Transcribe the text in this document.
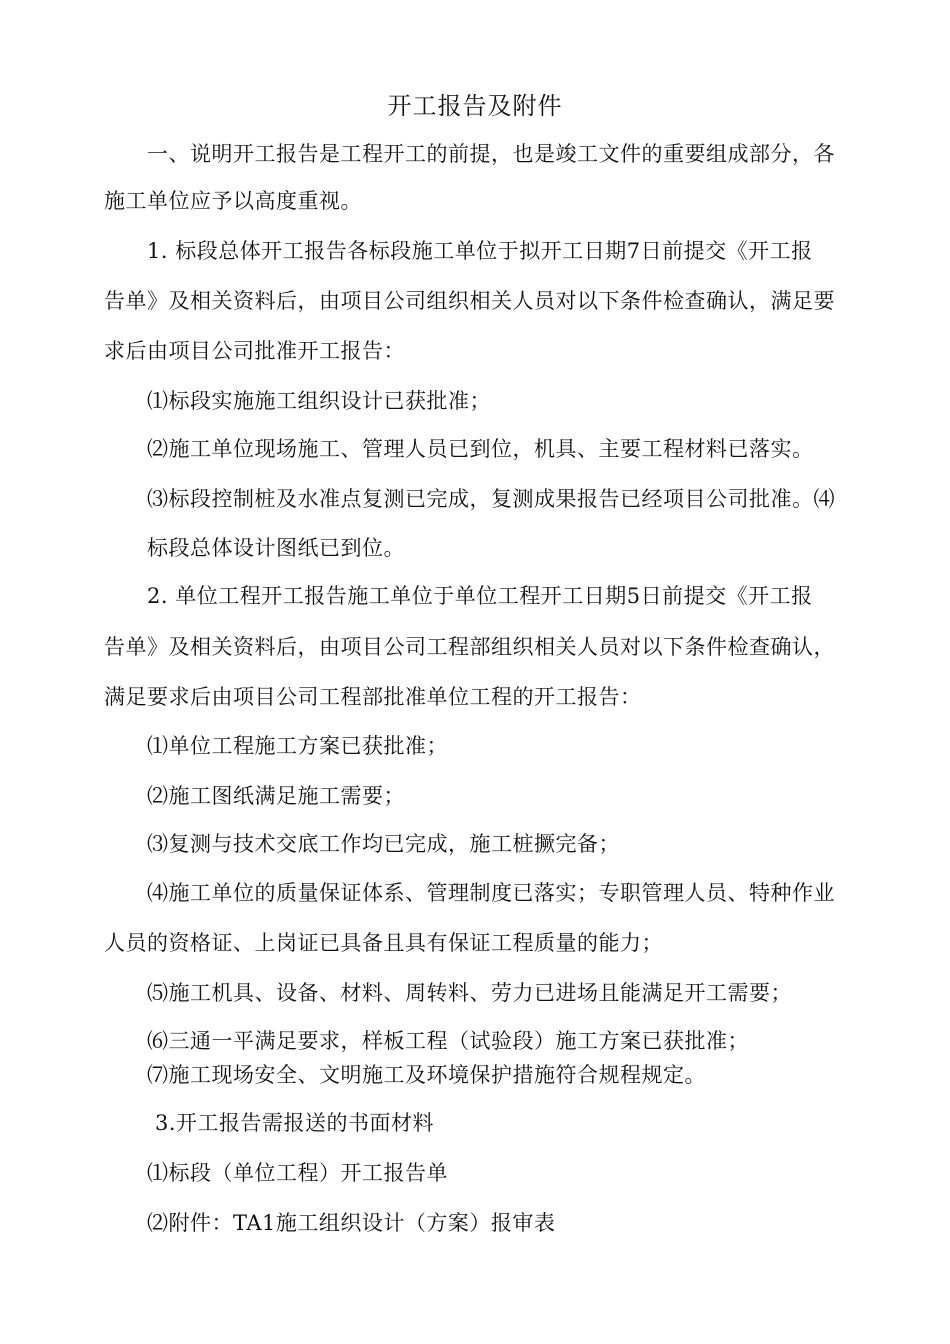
开工报告及附件
一、说明开工报告是工程开工的前提，也是竣工文件的重要组成部分，各
施工单位应予以高度重视。
1. 标段总体开工报告各标段施工单位于拟开工日期7日前提交《开工报
告单》及相关资料后，由项目公司组织相关人员对以下条件检查确认，满足要
求后由项目公司批准开工报告：
⑴标段实施施工组织设计已获批准；
⑵施工单位现场施工、管理人员已到位，机具、主要工程材料已落实。
⑶标段控制桩及水准点复测已完成，复测成果报告已经项目公司批准。⑷
标段总体设计图纸已到位。
2. 单位工程开工报告施工单位于单位工程开工日期5日前提交《开工报
告单》及相关资料后，由项目公司工程部组织相关人员对以下条件检查确认，
满足要求后由项目公司工程部批准单位工程的开工报告：
⑴单位工程施工方案已获批准；
⑵施工图纸满足施工需要；
⑶复测与技术交底工作均已完成，施工桩撅完备；
⑷施工单位的质量保证体系、管理制度已落实；专职管理人员、特种作业
人员的资格证、上岗证已具备且具有保证工程质量的能力；
⑸施工机具、设备、材料、周转料、劳力已进场且能满足开工需要；
⑹三通一平满足要求，样板工程（试验段）施工方案已获批准；
⑺施工现场安全、文明施工及环境保护措施符合规程规定。
3.开工报告需报送的书面材料
⑴标段（单位工程）开工报告单
⑵附件：TA1施工组织设计（方案）报审表
